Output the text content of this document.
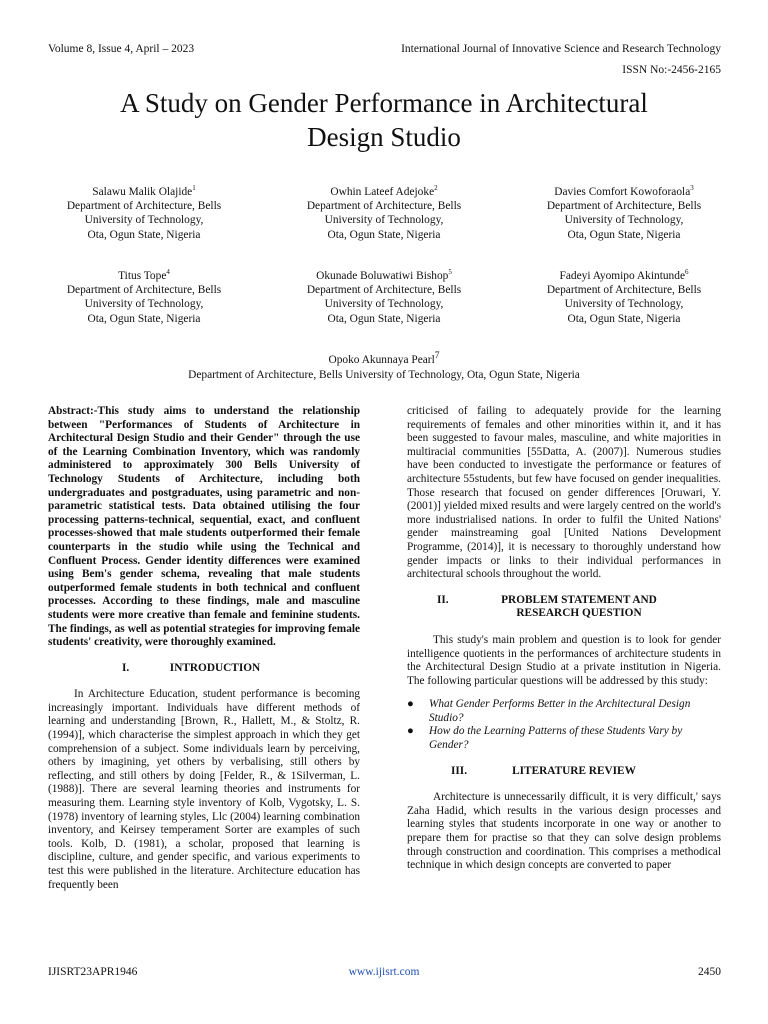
Volume 8, Issue 4, April – 2023	International Journal of Innovative Science and Research Technology
ISSN No:-2456-2165
A Study on Gender Performance in Architectural
Design Studio
Salawu Malik Olajide$^1$
Department of Architecture, Bells
University of Technology,
Ota, Ogun State, Nigeria
Owhin Lateef Adejoke$^2$
Department of Architecture, Bells
University of Technology,
Ota, Ogun State, Nigeria
Davies Comfort Kowoforaola$^3$
Department of Architecture, Bells
University of Technology,
Ota, Ogun State, Nigeria
Titus Tope$^4$
Department of Architecture, Bells
University of Technology,
Ota, Ogun State, Nigeria
Okunade Boluwatiwi Bishop$^5$
Department of Architecture, Bells
University of Technology,
Ota, Ogun State, Nigeria
Fadeyi Ayomipo Akintunde$^6$
Department of Architecture, Bells
University of Technology,
Ota, Ogun State, Nigeria
Opoko Akunnaya Pearl$^7$
Department of Architecture, Bells University of Technology, Ota, Ogun State, Nigeria

Abstract:-This study aims to understand the relationship between "Performances of Students of Architecture in Architectural Design Studio and their Gender" through the use of the Learning Combination Inventory, which was randomly administered to approximately 300 Bells University of Technology Students of Architecture, including both undergraduates and postgraduates, using parametric and non-parametric statistical tests. Data obtained utilising the four processing patterns-technical, sequential, exact, and confluent processes-showed that male students outperformed their female counterparts in the studio while using the Technical and Confluent Process. Gender identity differences were examined using Bem's gender schema, revealing that male students outperformed female students in both technical and confluent processes. According to these findings, male and masculine students were more creative than female and feminine students. The findings, as well as potential strategies for improving female students' creativity, were thoroughly examined.

I.	INTRODUCTION

In Architecture Education, student performance is becoming increasingly important. Individuals have different methods of learning and understanding [Brown, R., Hallett, M., & Stoltz, R. (1994)], which characterise the simplest approach in which they get comprehension of a subject. Some individuals learn by perceiving, others by imagining, yet others by verbalising, still others by reflecting, and still others by doing [Felder, R., & 1Silverman, L. (1988)]. There are several learning theories and instruments for measuring them. Learning style inventory of Kolb, Vygotsky, L. S. (1978) inventory of learning styles, Llc (2004) learning combination inventory, and Keirsey temperament Sorter are examples of such tools. Kolb, D. (1981), a scholar, proposed that learning is discipline, culture, and gender specific, and various experiments to test this were published in the literature. Architecture education has frequently been

criticised of failing to adequately provide for the learning requirements of females and other minorities within it, and it has been suggested to favour males, masculine, and white majorities in multiracial communities [55Datta, A. (2007)]. Numerous studies have been conducted to investigate the performance or features of architecture 55students, but few have focused on gender inequalities. Those research that focused on gender differences [Oruwari, Y. (2001)] yielded mixed results and were largely centred on the world's more industrialised nations. In order to fulfil the United Nations' gender mainstreaming goal [United Nations Development Programme, (2014)], it is necessary to thoroughly understand how gender impacts or links to their individual performances in architectural schools throughout the world.

II.	PROBLEM STATEMENT AND
RESEARCH QUESTION

This study's main problem and question is to look for gender intelligence quotients in the performances of architecture students in the Architectural Design Studio at a private institution in Nigeria. The following particular questions will be addressed by this study:

● What Gender Performs Better in the Architectural Design Studio?
● How do the Learning Patterns of these Students Vary by Gender?

III.	LITERATURE REVIEW

Architecture is unnecessarily difficult, it is very difficult,' says Zaha Hadid, which results in the various design processes and learning styles that students incorporate in one way or another to prepare them for practise so that they can solve design problems through construction and coordination. This comprises a methodical technique in which design concepts are converted to paper

IJISRT23APR1946	www.ijisrt.com	2450
